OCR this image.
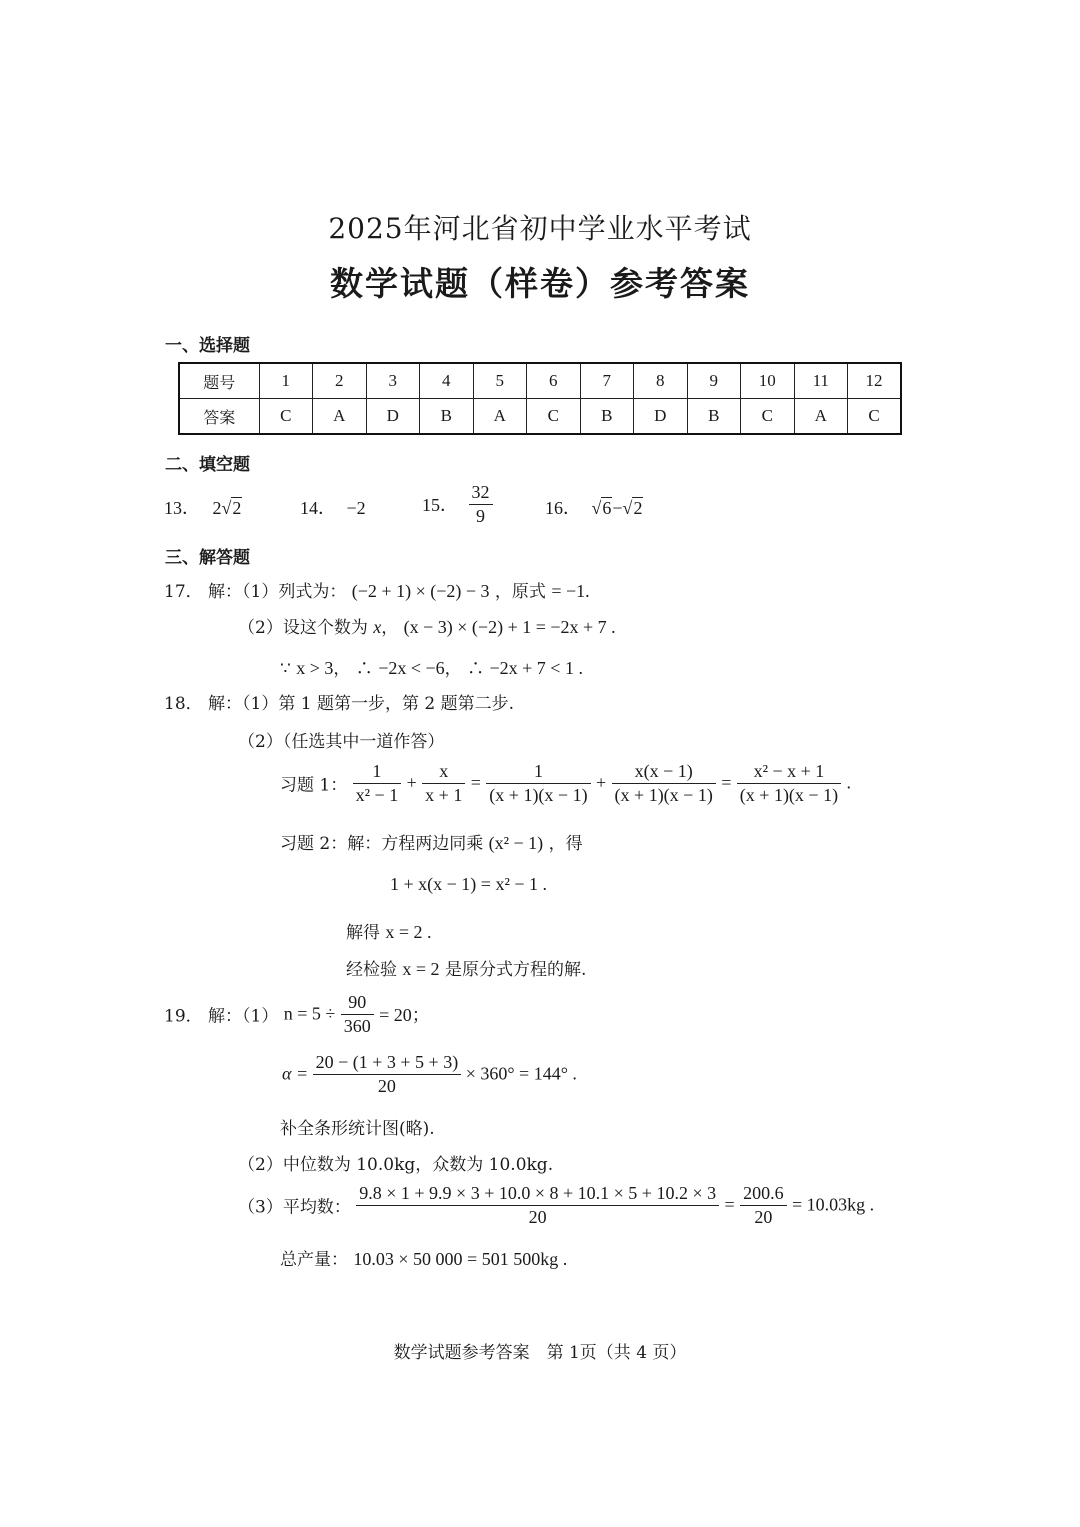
2025年河北省初中学业水平考试
数学试题（样卷）参考答案
一、选择题
题号	1	2	3	4	5	6	7	8	9	10	11	12
答案	C	A	D	B	A	C	B	D	B	C	A	C
二、填空题
13． 2√2	14． −2	15． $\frac{32}{9}$	16． √6−√2
三、解答题
17． 解：（1）列式为： (−2 + 1) × (−2) − 3 ，原式 = −1.
（2）设这个数为 x， (x − 3) × (−2) + 1 = −2x + 7 .
∵ x > 3， ∴ −2x < −6， ∴ −2x + 7 < 1 .
18． 解：（1）第 1 题第一步，第 2 题第二步.
（2）（任选其中一道作答）
习题 1： $\frac{1}{\text{x² − 1}} + \frac{x}{x + 1} = \frac{1}{(x + 1)(x - 1)} + \frac{x(x - 1)}{(x + 1)(x - 1)} = \frac{\text{x² − x + 1}}{(x + 1)(x - 1)}$ .
习题 2：解：方程两边同乘 (x² − 1) ，得
1 + x(x − 1) = x² − 1 .
解得 x = 2 .
经检验 x = 2 是原分式方程的解.
19． 解：（1） $n = 5 \div \frac{90}{360} = 20$；
$\alpha = \frac{20 - (1 + 3 + 5 + 3)}{20} \times 360^\circ = 144^\circ$ .
补全条形统计图(略).
（2）中位数为 10.0kg，众数为 10.0kg.
（3）平均数： $\frac{9.8 \times 1 + 9.9 \times 3 + 10.0 \times 8 + 10.1 \times 5 + 10.2 \times 3}{20} = \frac{200.6}{20} = 10.03kg$ .
总产量： 10.03 × 50 000 = 501 500kg .
数学试题参考答案　第 1页（共 4 页）
